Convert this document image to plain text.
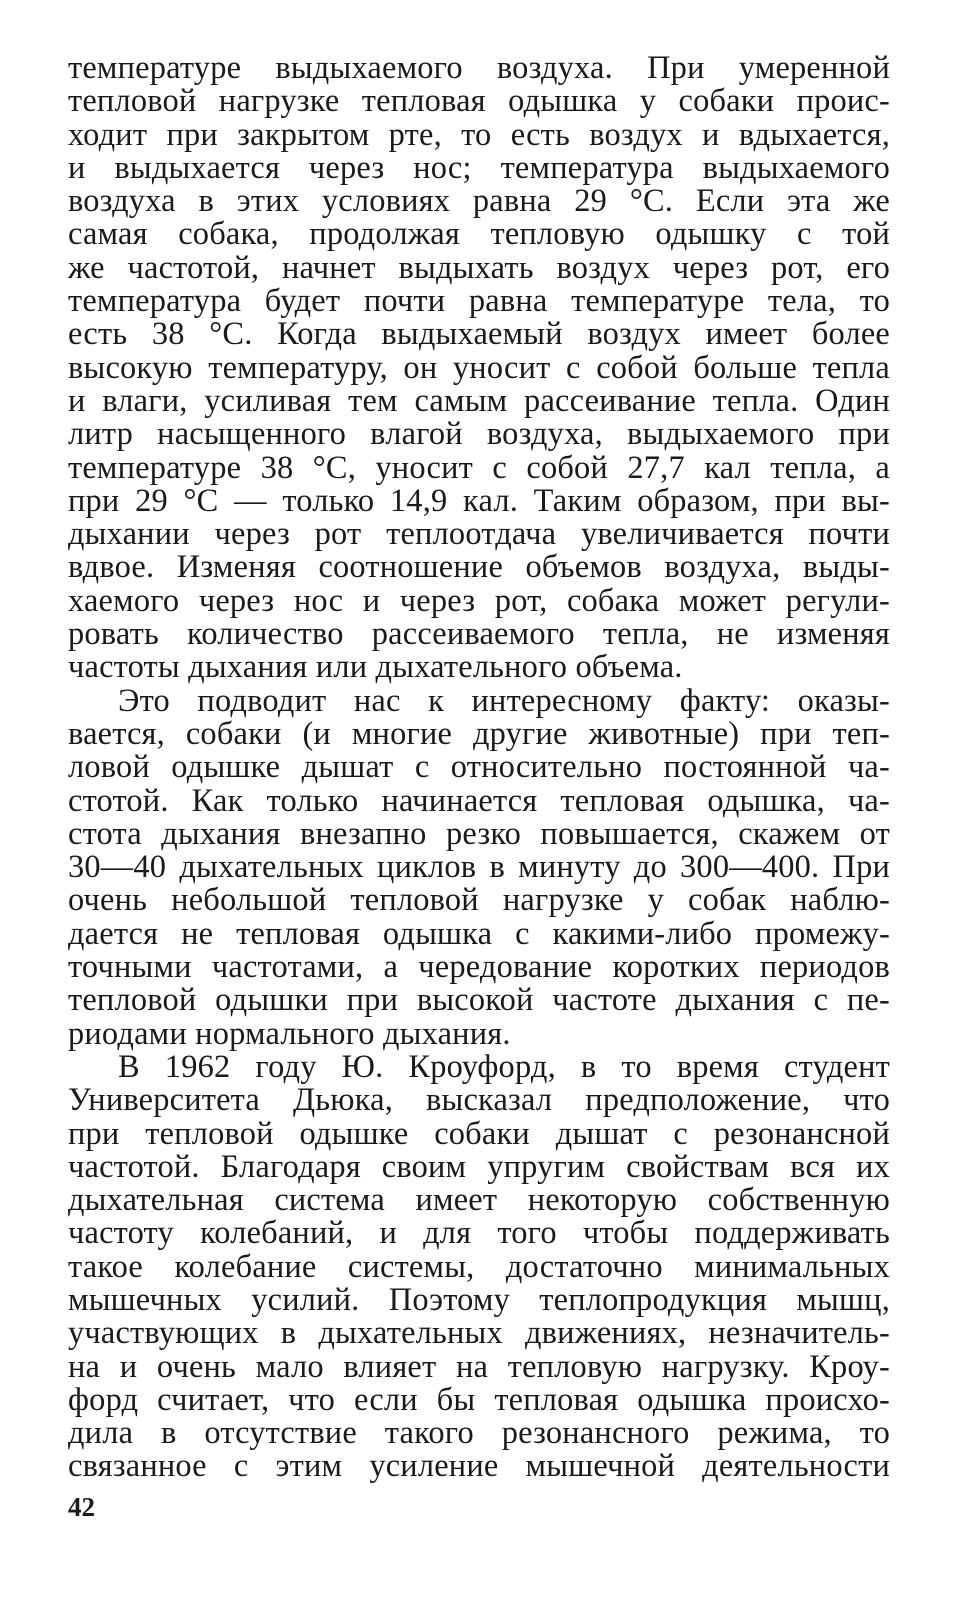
температуре выдыхаемого воздуха. При умеренной
тепловой нагрузке тепловая одышка у собаки проис-
ходит при закрытом рте, то есть воздух и вдыхается,
и выдыхается через нос; температура выдыхаемого
воздуха в этих условиях равна 29 °С. Если эта же
самая собака, продолжая тепловую одышку с той
же частотой, начнет выдыхать воздух через рот, его
температура будет почти равна температуре тела, то
есть 38 °С. Когда выдыхаемый воздух имеет более
высокую температуру, он уносит с собой больше тепла
и влаги, усиливая тем самым рассеивание тепла. Один
литр насыщенного влагой воздуха, выдыхаемого при
температуре 38 °С, уносит с собой 27,7 кал тепла, а
при 29 °С — только 14,9 кал. Таким образом, при вы-
дыхании через рот теплоотдача увеличивается почти
вдвое. Изменяя соотношение объемов воздуха, выды-
хаемого через нос и через рот, собака может регули-
ровать количество рассеиваемого тепла, не изменяя
частоты дыхания или дыхательного объема.

Это подводит нас к интересному факту: оказы-
вается, собаки (и многие другие животные) при теп-
ловой одышке дышат с относительно постоянной ча-
стотой. Как только начинается тепловая одышка, ча-
стота дыхания внезапно резко повышается, скажем от
30—40 дыхательных циклов в минуту до 300—400. При
очень небольшой тепловой нагрузке у собак наблю-
дается не тепловая одышка с какими-либо промежу-
точными частотами, а чередование коротких периодов
тепловой одышки при высокой частоте дыхания с пе-
риодами нормального дыхания.

В 1962 году Ю. Кроуфорд, в то время студент
Университета Дьюка, высказал предположение, что
при тепловой одышке собаки дышат с резонансной
частотой. Благодаря своим упругим свойствам вся их
дыхательная система имеет некоторую собственную
частоту колебаний, и для того чтобы поддерживать
такое колебание системы, достаточно минимальных
мышечных усилий. Поэтому теплопродукция мышц,
участвующих в дыхательных движениях, незначитель-
на и очень мало влияет на тепловую нагрузку. Кроу-
форд считает, что если бы тепловая одышка происхо-
дила в отсутствие такого резонансного режима, то
связанное с этим усиление мышечной деятельности

42
